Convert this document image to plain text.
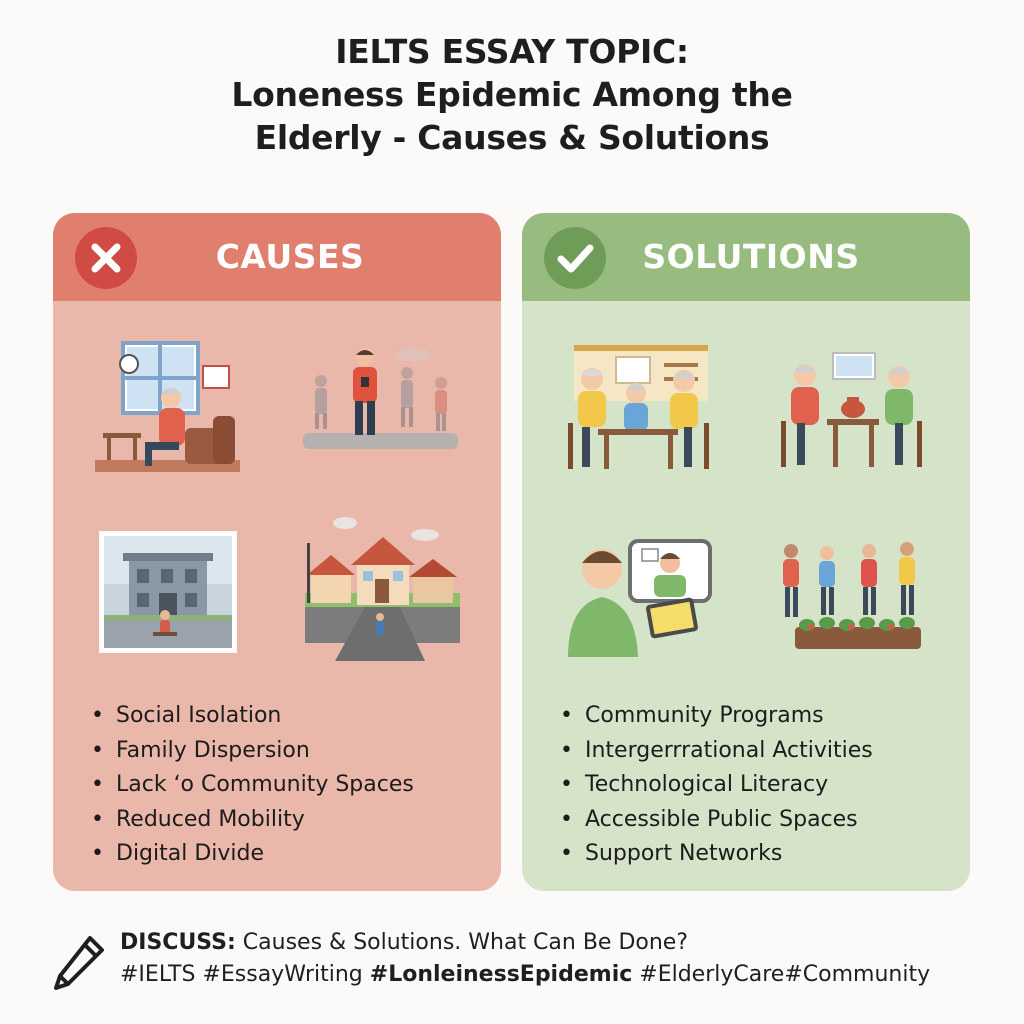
IELTS ESSAY TOPIC:
Loneness Epidemic Among the
Elderly - Causes & Solutions
CAUSES
• Social Isolation
• Family Dispersion
• Lack ʻo Community Spaces
• Reduced Mobility
• Digital Divide
SOLUTIONS
• Community Programs
• Intergerrrational Activities
• Technological Literacy
• Accessible Public Spaces
• Support Networks
DISCUSS: Causes & Solutions. What Can Be Done?
#IELTS #EssayWriting #LonleinessEpidemic #ElderlyCare#Community
